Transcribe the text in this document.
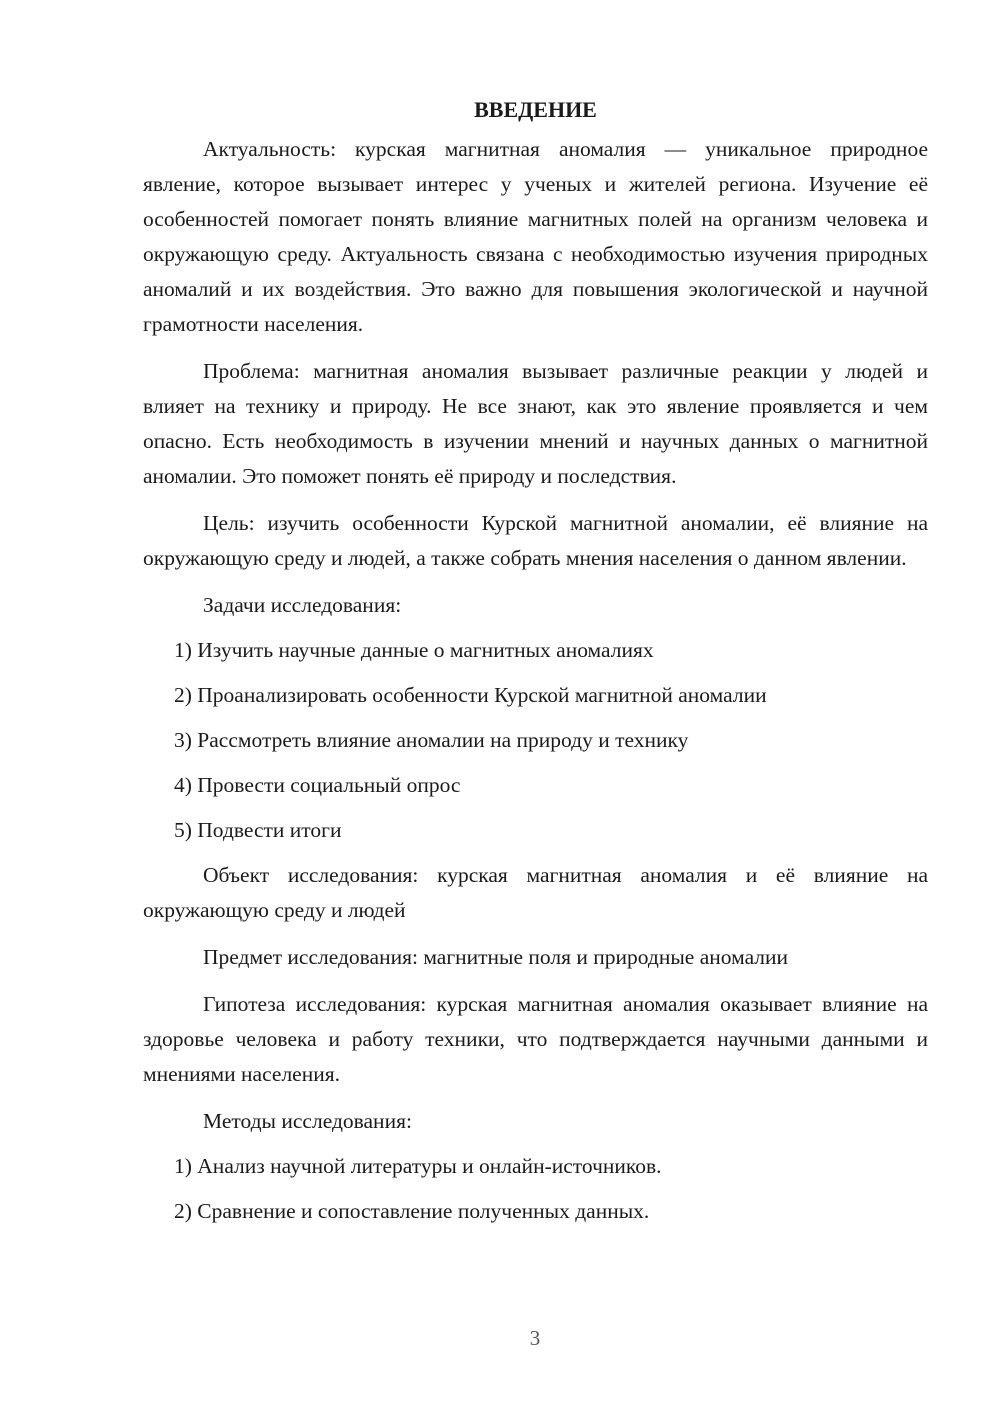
ВВЕДЕНИЕ

Актуальность: курская магнитная аномалия — уникальное природное явление, которое вызывает интерес у ученых и жителей региона. Изучение её особенностей помогает понять влияние магнитных полей на организм человека и окружающую среду. Актуальность связана с необходимостью изучения природных аномалий и их воздействия. Это важно для повышения экологической и научной грамотности населения.

Проблема: магнитная аномалия вызывает различные реакции у людей и влияет на технику и природу. Не все знают, как это явление проявляется и чем опасно. Есть необходимость в изучении мнений и научных данных о магнитной аномалии. Это поможет понять её природу и последствия.

Цель: изучить особенности Курской магнитной аномалии, её влияние на окружающую среду и людей, а также собрать мнения населения о данном явлении.

Задачи исследования:

1) Изучить научные данные о магнитных аномалиях

2) Проанализировать особенности Курской магнитной аномалии

3) Рассмотреть влияние аномалии на природу и технику

4) Провести социальный опрос

5) Подвести итоги

Объект исследования: курская магнитная аномалия и её влияние на окружающую среду и людей

Предмет исследования: магнитные поля и природные аномалии

Гипотеза исследования: курская магнитная аномалия оказывает влияние на здоровье человека и работу техники, что подтверждается научными данными и мнениями населения.

Методы исследования:

1) Анализ научной литературы и онлайн-источников.

2) Сравнение и сопоставление полученных данных.

3
